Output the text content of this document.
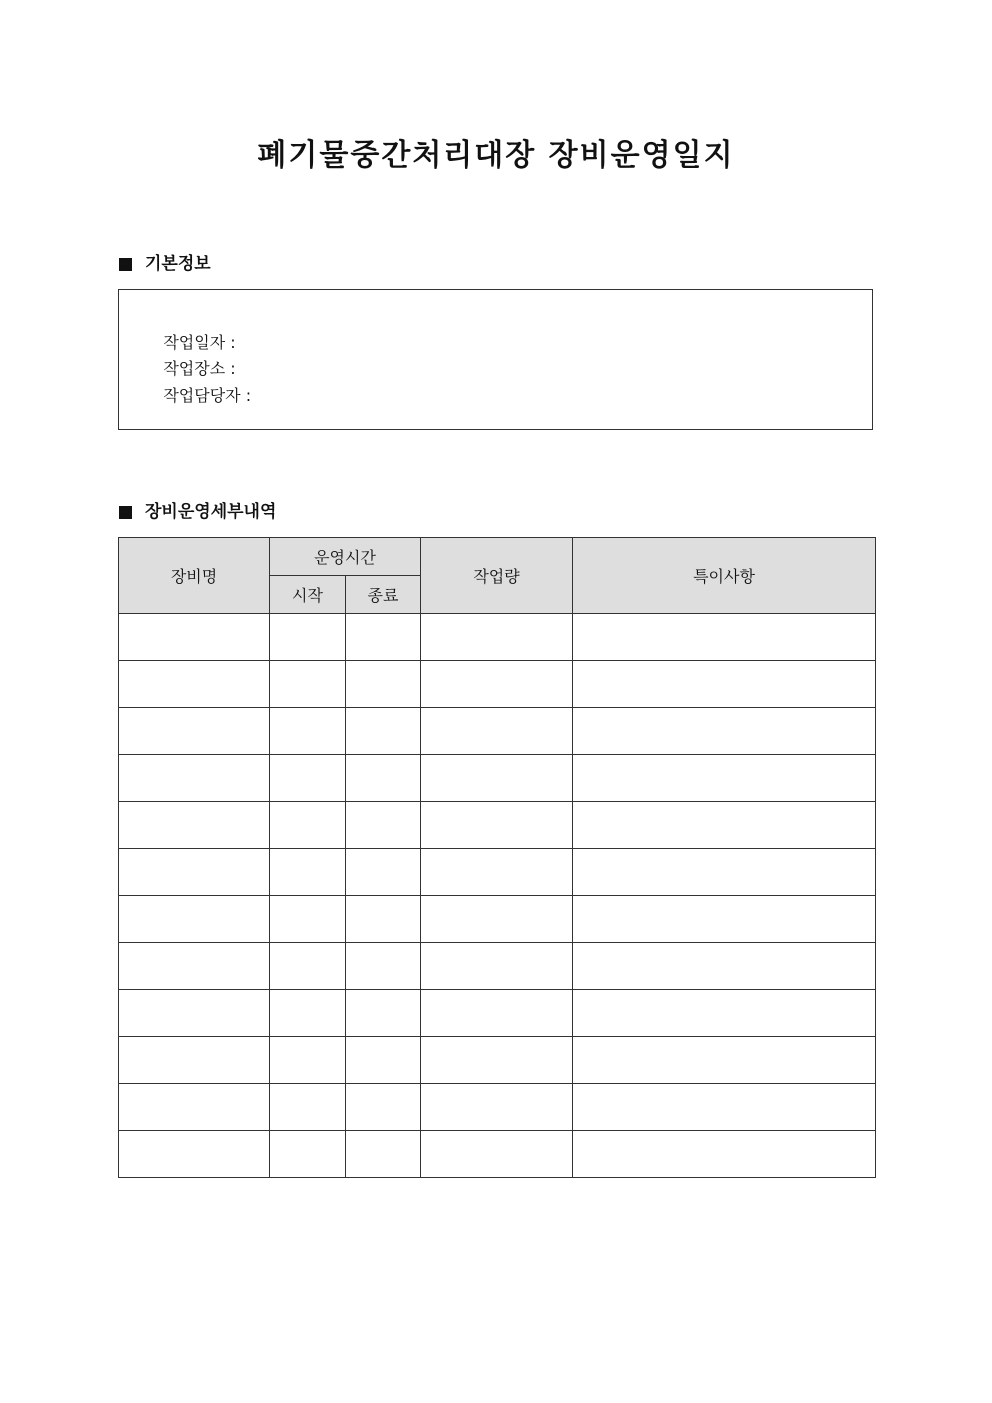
폐기물중간처리대장 장비운영일지
기본정보

작업일자 :

작업장소 :

작업담당자 :

장비운영세부내역
장비명	운영시간		작업량	특이사항
	시작	종료		
